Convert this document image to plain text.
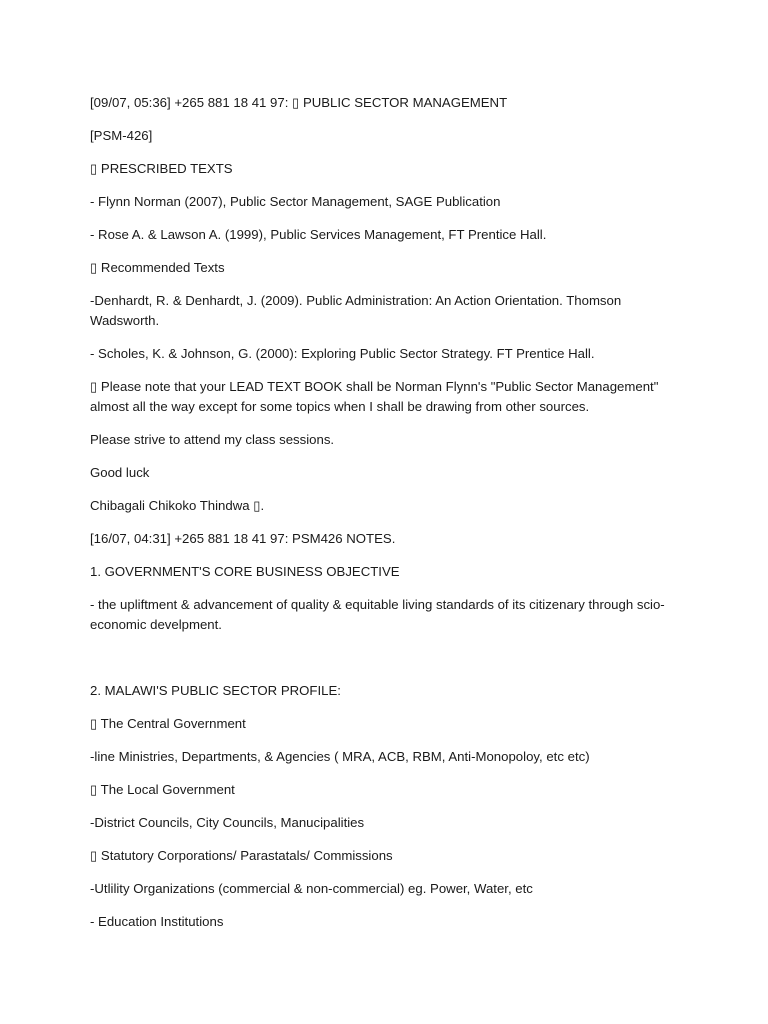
[09/07, 05:36] +265 881 18 41 97: ▯ PUBLIC SECTOR MANAGEMENT

[PSM-426]

▯ PRESCRIBED TEXTS

- Flynn Norman (2007), Public Sector Management, SAGE Publication

- Rose A. & Lawson A. (1999), Public Services Management, FT Prentice Hall.

▯ Recommended Texts

-Denhardt, R. & Denhardt, J. (2009). Public Administration: An Action Orientation. Thomson Wadsworth.

- Scholes, K. & Johnson, G. (2000): Exploring Public Sector Strategy. FT Prentice Hall.

▯ Please note that your LEAD TEXT BOOK shall be Norman Flynn's "Public Sector Management" almost all the way except for some topics when I shall be drawing from other sources.

Please strive to attend my class sessions.

Good luck

Chibagali Chikoko Thindwa ▯.

[16/07, 04:31] +265 881 18 41 97: PSM426 NOTES.

1. GOVERNMENT'S CORE BUSINESS OBJECTIVE

- the upliftment & advancement of quality & equitable living standards of its citizenary through scio-economic develpment.

2. MALAWI'S PUBLIC SECTOR PROFILE:

▯ The Central Government

-line Ministries, Departments, & Agencies ( MRA, ACB, RBM, Anti-Monopoloy, etc etc)

▯ The Local Government

-District Councils, City Councils, Manucipalities

▯ Statutory Corporations/ Parastatals/ Commissions

-Utlility Organizations (commercial & non-commercial) eg. Power, Water, etc

- Education Institutions
